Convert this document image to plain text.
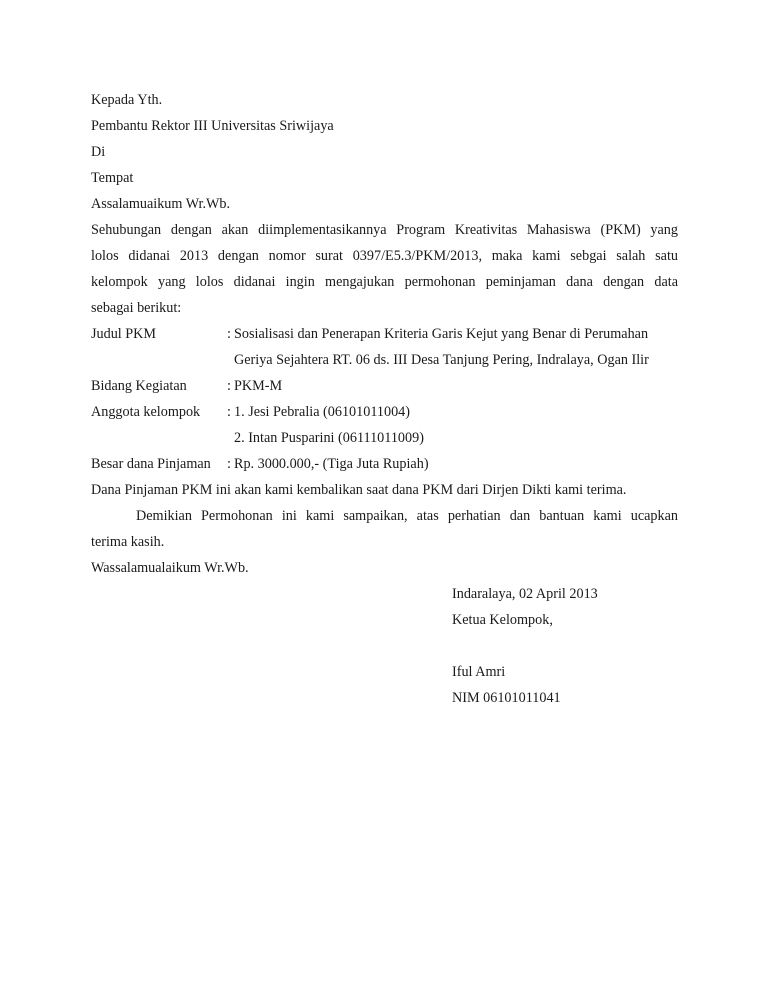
Kepada Yth.
Pembantu Rektor III Universitas Sriwijaya
Di
Tempat
Assalamuaikum Wr.Wb.
Sehubungan dengan akan diimplementasikannya Program Kreativitas Mahasiswa (PKM) yang
lolos didanai 2013 dengan nomor surat 0397/E5.3/PKM/2013, maka kami sebgai salah satu
kelompok yang lolos didanai ingin mengajukan permohonan peminjaman dana dengan data
sebagai berikut:
Judul PKM	: Sosialisasi dan Penerapan Kriteria Garis Kejut yang Benar di Perumahan
Geriya Sejahtera RT. 06 ds. III Desa Tanjung Pering, Indralaya, Ogan Ilir
Bidang Kegiatan	: PKM-M
Anggota kelompok : 1. Jesi Pebralia (06101011004)
2. Intan Pusparini (06111011009)
Besar dana Pinjaman : Rp. 3000.000,- (Tiga Juta Rupiah)
Dana Pinjaman PKM ini akan kami kembalikan saat dana PKM dari Dirjen Dikti kami terima.
Demikian Permohonan ini kami sampaikan, atas perhatian dan bantuan kami ucapkan
terima kasih.
Wassalamualaikum Wr.Wb.
Indaralaya, 02 April 2013
Ketua Kelompok,
Iful Amri
NIM 06101011041
